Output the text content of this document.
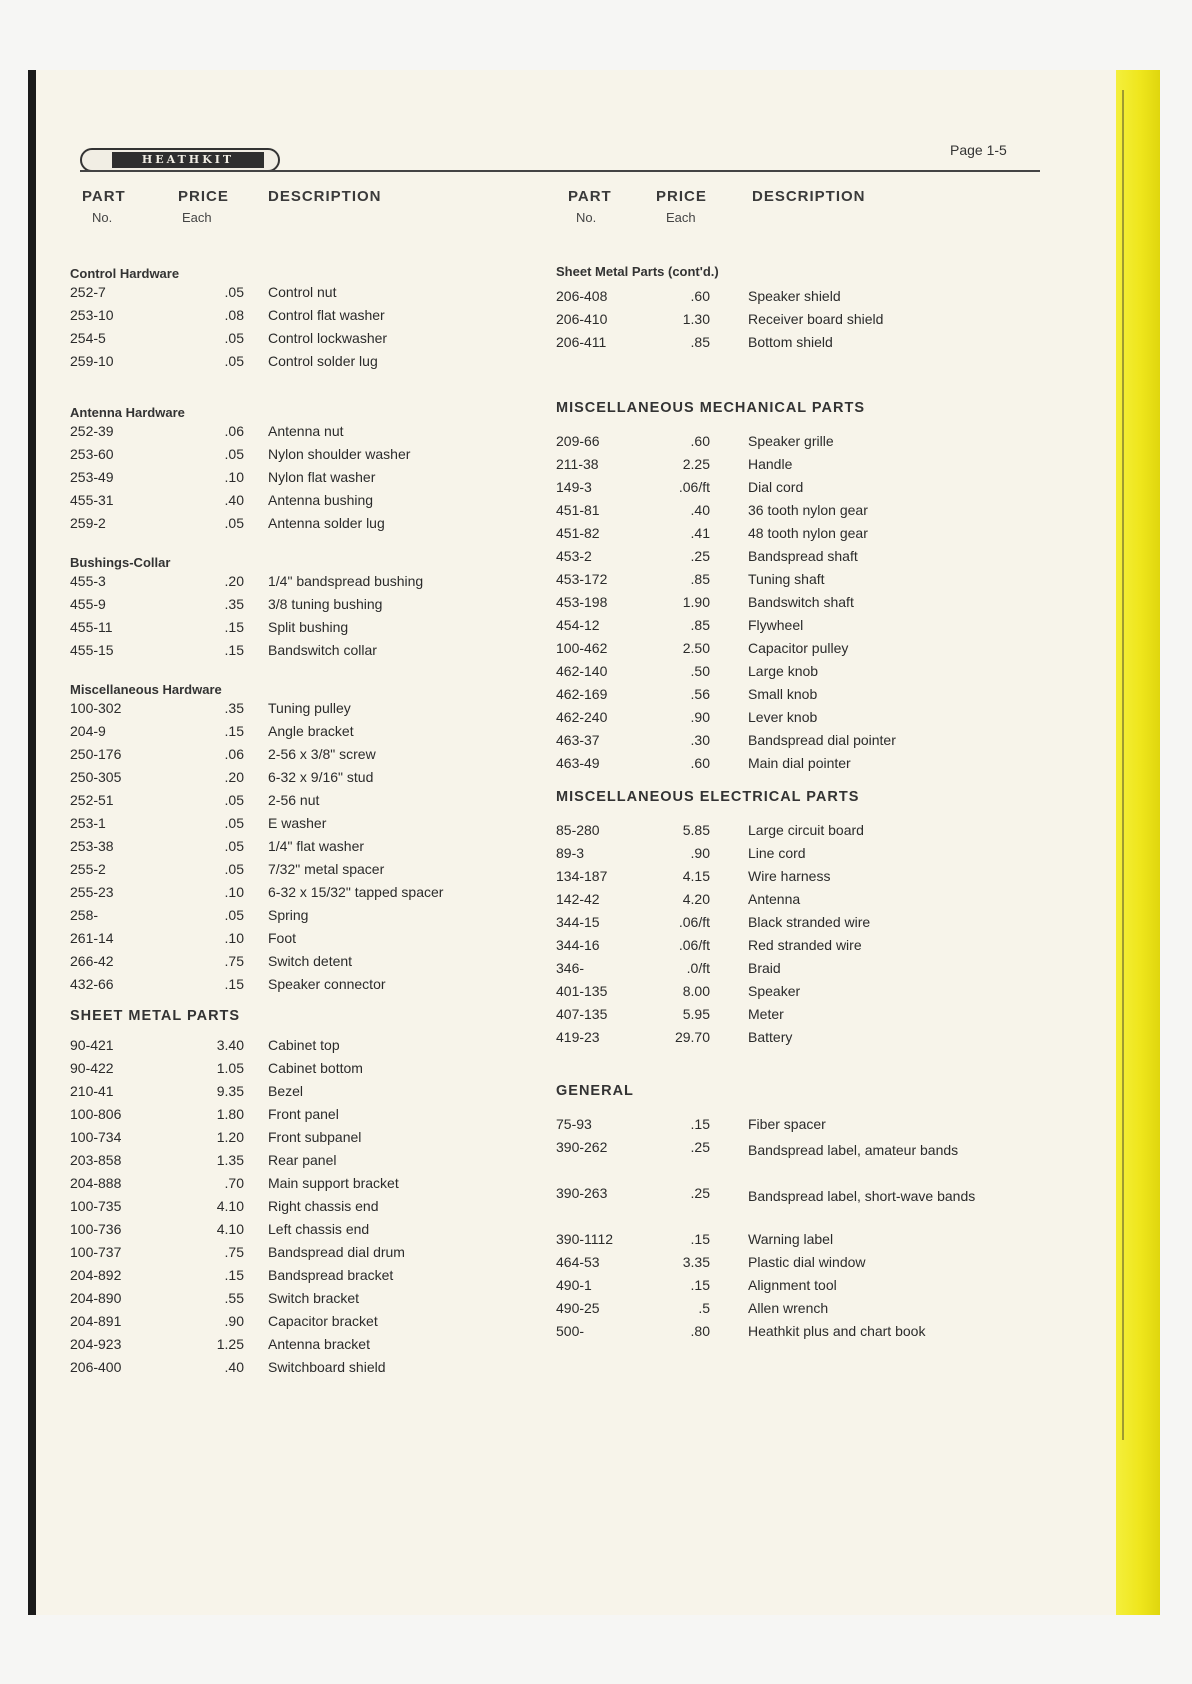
HEATHKIT
Page 1-5
PART
No.
PRICE
Each
DESCRIPTION
Control Hardware
252-7	.05 Control nut
253-10	.08 Control flat washer
254-5	.05 Control lockwasher
259-10	.05 Control solder lug
Antenna Hardware
252-39	.06 Antenna nut
253-60	.05 Nylon shoulder washer
253-49	.10 Nylon flat washer
455-31	.40 Antenna bushing
259-2	.05 Antenna solder lug
Bushings-Collar
455-3	.20 1/4" bandspread bushing
455-9	.35 3/8 tuning bushing
455-11	.15 Split bushing
455-15	.15 Bandswitch collar
Miscellaneous Hardware
100-302	.35 Tuning pulley
204-9	.15 Angle bracket
250-176	.06 2-56 x 3/8" screw
250-305	.20 6-32 x 9/16" stud
252-51	.05 2-56 nut
253-1	.05 E washer
253-38	.05 1/4" flat washer
255-2	.05 7/32" metal spacer
255-23	.10 6-32 x 15/32" tapped spacer
258-	.05 Spring
261-14	.10 Foot
266-42	.75 Switch detent
432-66	.15 Speaker connector
SHEET METAL PARTS
90-421	3.40 Cabinet top
90-422	1.05 Cabinet bottom
210-41	9.35 Bezel
100-806	1.80 Front panel
100-734	1.20 Front subpanel
203-858	1.35 Rear panel
204-888	.70 Main support bracket
100-735	4.10 Right chassis end
100-736	4.10 Left chassis end
100-737	.75 Bandspread dial drum
204-892	.15 Bandspread bracket
204-890	.55 Switch bracket
204-891	.90 Capacitor bracket
204-923	1.25 Antenna bracket
206-400	.40 Switchboard shield
PART
No.
PRICE
Each
DESCRIPTION
Sheet Metal Parts (cont'd.)
206-408	.60	Speaker shield
206-410	1.30	Receiver board shield
206-411	.85	Bottom shield
MISCELLANEOUS MECHANICAL PARTS
209-66	.60	Speaker grille
211-38	2.25	Handle
149-3	.06/ft	Dial cord
451-81	.40	36 tooth nylon gear
451-82	.41	48 tooth nylon gear
453-2	.25	Bandspread shaft
453-172	.85	Tuning shaft
453-198	1.90	Bandswitch shaft
454-12	.85	Flywheel
100-462	2.50	Capacitor pulley
462-140	.50	Large knob
462-169	.56	Small knob
462-240	.90	Lever knob
463-37	.30	Bandspread dial pointer
463-49	.60	Main dial pointer
MISCELLANEOUS ELECTRICAL PARTS
85-280	5.85	Large circuit board
89-3	.90	Line cord
134-187	4.15	Wire harness
142-42	4.20	Antenna
344-15	.06/ft	Black stranded wire
344-16	.06/ft	Red stranded wire
346-	.0/ft	Braid
401-135	8.00	Speaker
407-135	5.95	Meter
419-23	29.70	Battery
GENERAL
75-93	.15	Fiber spacer
390-262	.25	Bandspread label, amateur bands
390-263	.25	Bandspread label, short-wave bands
390-1112	.15	Warning label
464-53	3.35	Plastic dial window
490-1	.15	Alignment tool
490-25	.5	Allen wrench
500-	.80	Heathkit plus and chart book
